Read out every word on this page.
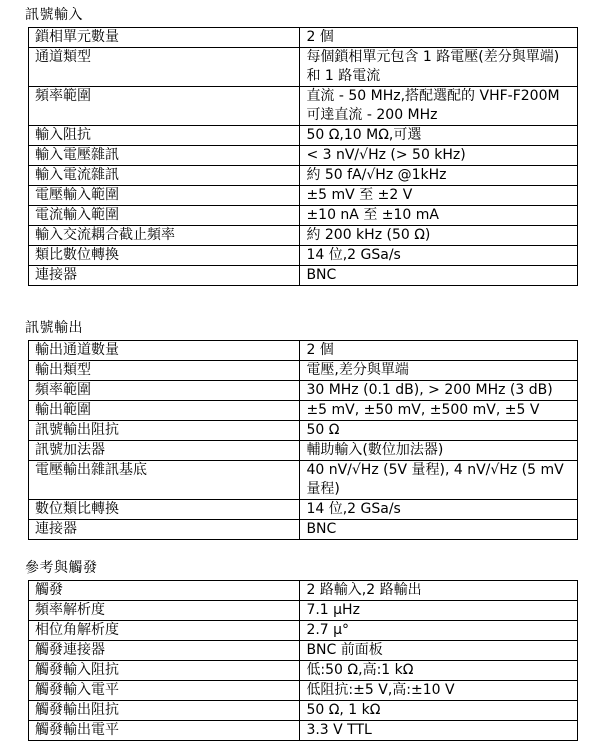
訊號輸入
鎖相單元數量	2 個
通道類型	每個鎖相單元包含 1 路電壓(差分與單端)和 1 路電流
頻率範圍	直流 - 50 MHz,搭配選配的 VHF-F200M 可達直流 - 200 MHz
輸入阻抗	50 Ω,10 MΩ,可選
輸入電壓雜訊	< 3 nV/√Hz (> 50 kHz)
輸入電流雜訊	約 50 fA/√Hz @1kHz
電壓輸入範圍	±5 mV 至 ±2 V
電流輸入範圍	±10 nA 至 ±10 mA
輸入交流耦合截止頻率	約 200 kHz (50 Ω)
類比數位轉換	14 位,2 GSa/s
連接器	BNC
訊號輸出
輸出通道數量	2 個
輸出類型	電壓,差分與單端
頻率範圍	30 MHz (0.1 dB), > 200 MHz (3 dB)
輸出範圍	±5 mV, ±50 mV, ±500 mV, ±5 V
訊號輸出阻抗	50 Ω
訊號加法器	輔助輸入(數位加法器)
電壓輸出雜訊基底	40 nV/√Hz (5V 量程), 4 nV/√Hz (5 mV 量程)
數位類比轉換	14 位,2 GSa/s
連接器	BNC
參考與觸發
觸發	2 路輸入,2 路輸出
頻率解析度	7.1 μHz
相位角解析度	2.7 μ°
觸發連接器	BNC 前面板
觸發輸入阻抗	低:50 Ω,高:1 kΩ
觸發輸入電平	低阻抗:±5 V,高:±10 V
觸發輸出阻抗	50 Ω, 1 kΩ
觸發輸出電平	3.3 V TTL
